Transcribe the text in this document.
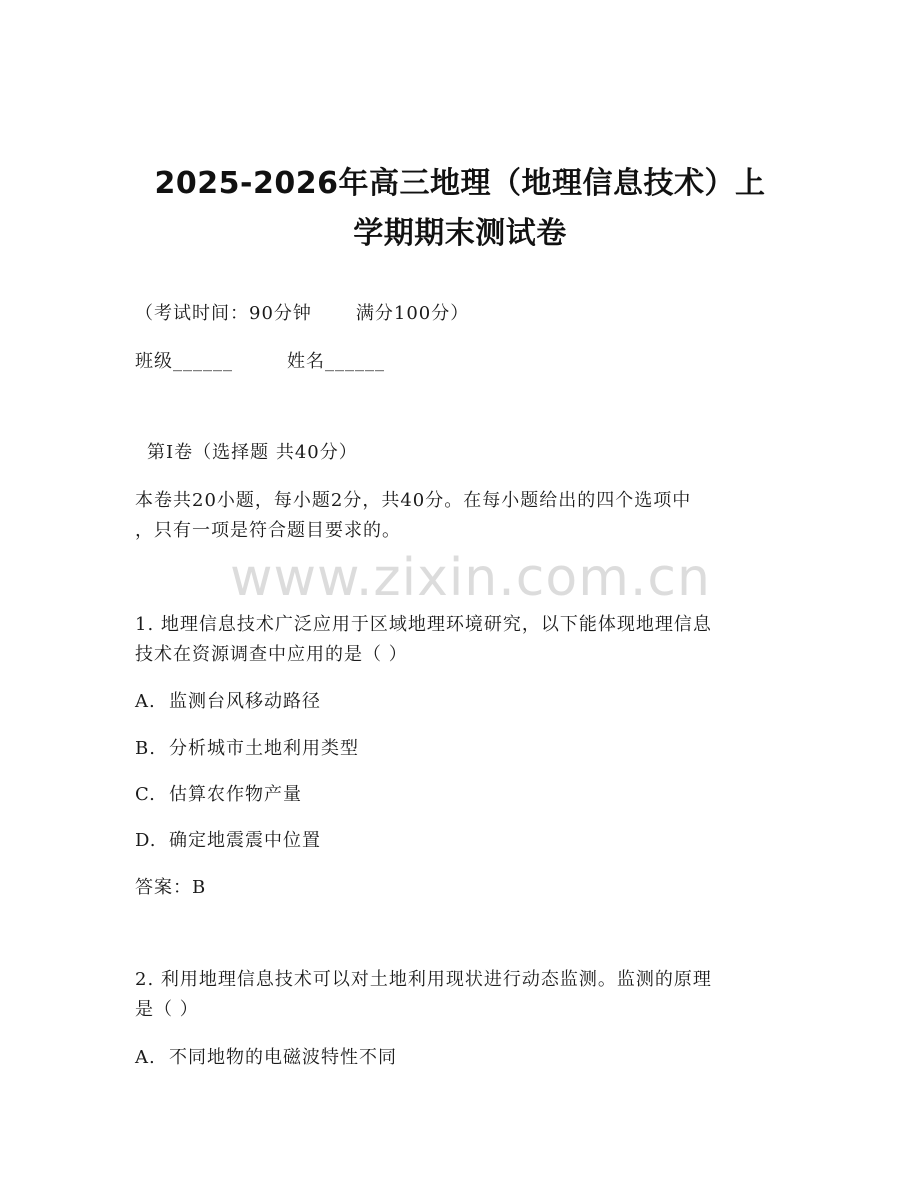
2025-2026年高三地理（地理信息技术）上
学期期末测试卷
（考试时间：90分钟 满分100分）
班级______	姓名______
第Ⅰ卷（选择题 共40分）
本卷共20小题，每小题2分，共40分。在每小题给出的四个选项中
，只有一项是符合题目要求的。
www.zixin.com.cn
1. 地理信息技术广泛应用于区域地理环境研究，以下能体现地理信息
技术在资源调查中应用的是（ ）
A. 监测台风移动路径
B. 分析城市土地利用类型
C. 估算农作物产量
D. 确定地震震中位置
答案：B
2. 利用地理信息技术可以对土地利用现状进行动态监测。监测的原理
是（ ）
A. 不同地物的电磁波特性不同
